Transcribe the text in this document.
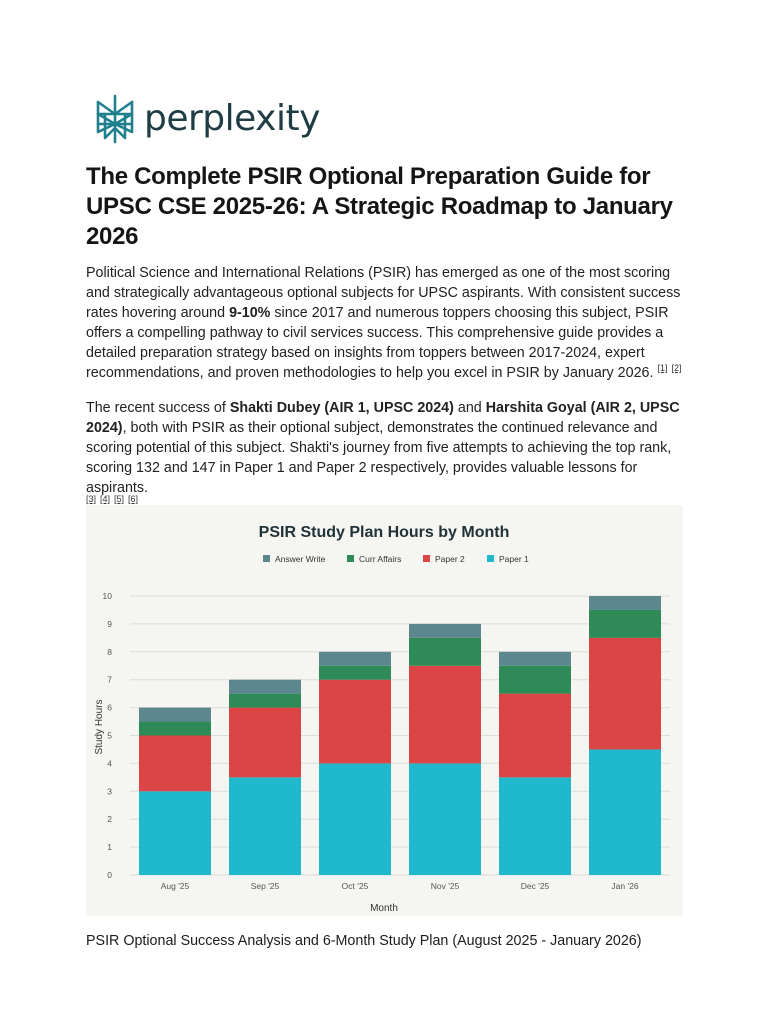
perplexity
The Complete PSIR Optional Preparation Guide for UPSC CSE 2025-26: A Strategic Roadmap to January 2026

Political Science and International Relations (PSIR) has emerged as one of the most scoring and strategically advantageous optional subjects for UPSC aspirants. With consistent success rates hovering around 9-10% since 2017 and numerous toppers choosing this subject, PSIR offers a compelling pathway to civil services success. This comprehensive guide provides a detailed preparation strategy based on insights from toppers between 2017-2024, expert recommendations, and proven methodologies to help you excel in PSIR by January 2026. [1] [2]

The recent success of Shakti Dubey (AIR 1, UPSC 2024) and Harshita Goyal (AIR 2, UPSC 2024), both with PSIR as their optional subject, demonstrates the continued relevance and scoring potential of this subject. Shakti's journey from five attempts to achieving the top rank, scoring 132 and 147 in Paper 1 and Paper 2 respectively, provides valuable lessons for aspirants.
[3] [4] [5] [6]

0
1
2
3
4
5
6
7
8
9
10
Aug '25	Sep '25	Oct '25	Nov '25	Dec '25	Jan '26
Answer Write	Curr Affairs	Paper 2	Paper 1
PSIR Study Plan Hours by Month
Month
Study Hours

PSIR Optional Success Analysis and 6-Month Study Plan (August 2025 - January 2026)
